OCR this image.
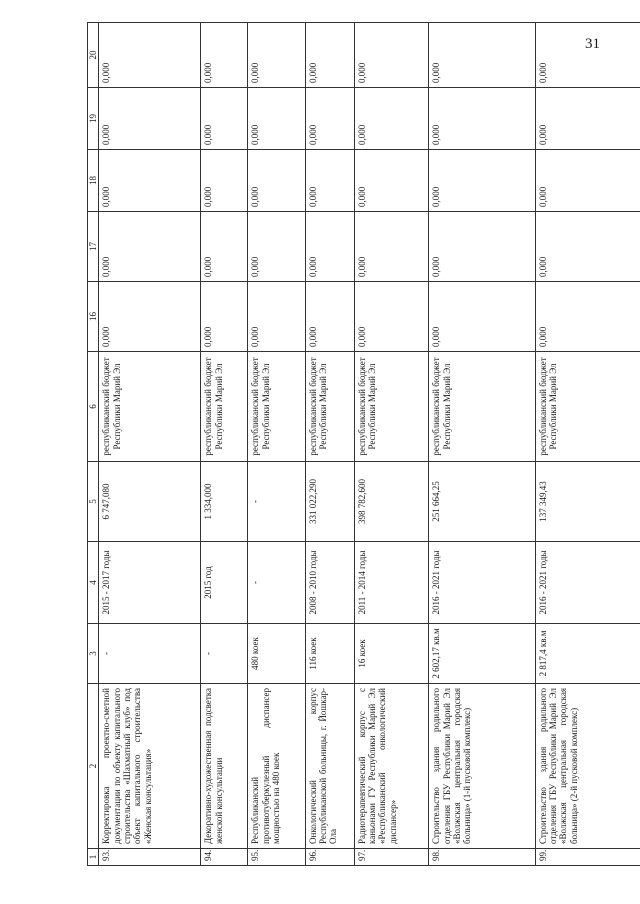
31
1	2	3	4	5	6	16	17	18	19	20
93.	Корректировка проектно-сметной документации по объекту капитального строительства «Шахматный клуб» под объект капитального строительства «Женская консультация»	-	2015 - 2017 годы	6 747,080	республиканский бюджет Республики Марий Эл	0,000	0,000	0,000	0,000	0,000
94.	Декоративно-художественная подсветка женской консультации	-	2015 год	1 334,000	республиканский бюджет Республики Марий Эл	0,000	0,000	0,000	0,000	0,000
95.	Республиканский противотуберкулезный диспансер мощностью на 480 коек	480 коек	-	-	республиканский бюджет Республики Марий Эл	0,000	0,000	0,000	0,000	0,000
96.	Онкологический корпус Республиканской больницы, г. Йошкар-Ола	116 коек	2008 - 2010 годы	331 022,290	республиканский бюджет Республики Марий Эл	0,000	0,000	0,000	0,000	0,000
97.	Радиотерапевтический корпус с каньонами ГУ Республики Марий Эл «Республиканский онкологический диспансер»	16 коек	2011 - 2014 годы	398 782,600	республиканский бюджет Республики Марий Эл	0,000	0,000	0,000	0,000	0,000
98.	Строительство здания родильного отделения ГБУ Республики Марий Эл «Волжская центральная городская больница» (1-й пусковой комплекс)	2 602,17 кв.м	2016 - 2021 годы	251 664,25	республиканский бюджет Республики Марий Эл	0,000	0,000	0,000	0,000	0,000
99.	Строительство здания родильного отделения ГБУ Республики Марий Эл «Волжская центральная городская больница» (2-й пусковой комплекс)	2 817,4 кв.м	2016 - 2021 годы	137 349,43	республиканский бюджет Республики Марий Эл	0,000	0,000	0,000	0,000	0,000
